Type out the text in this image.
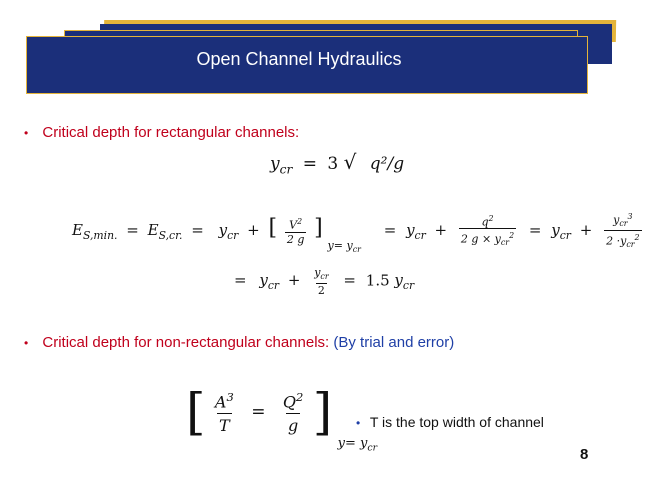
Open Channel Hydraulics
• Critical depth for rectangular channels:
$y_{cr} = 3$ √ q²/g
$E_{S,min.} = E_{S,cr.} = y_{cr}$ + [ $\frac{V^2}{2 g}$ ] $_{y= y_{cr}} = y_{cr} + \frac{q^2}{2 g \times y_{cr}^2} = y_{cr} + \frac{y_{cr}^3}{2 \cdot y_{cr}^2}$
= $y_{cr} + \frac{y_{cr}}{2} = 1.5$ $y_{cr}$
• Critical depth for non-rectangular channels: (By trial and error)
[ $\frac{A^3}{T} = \frac{Q^2}{g}$ ] $_{y= y_{cr}}$
• T is the top width of channel
8
